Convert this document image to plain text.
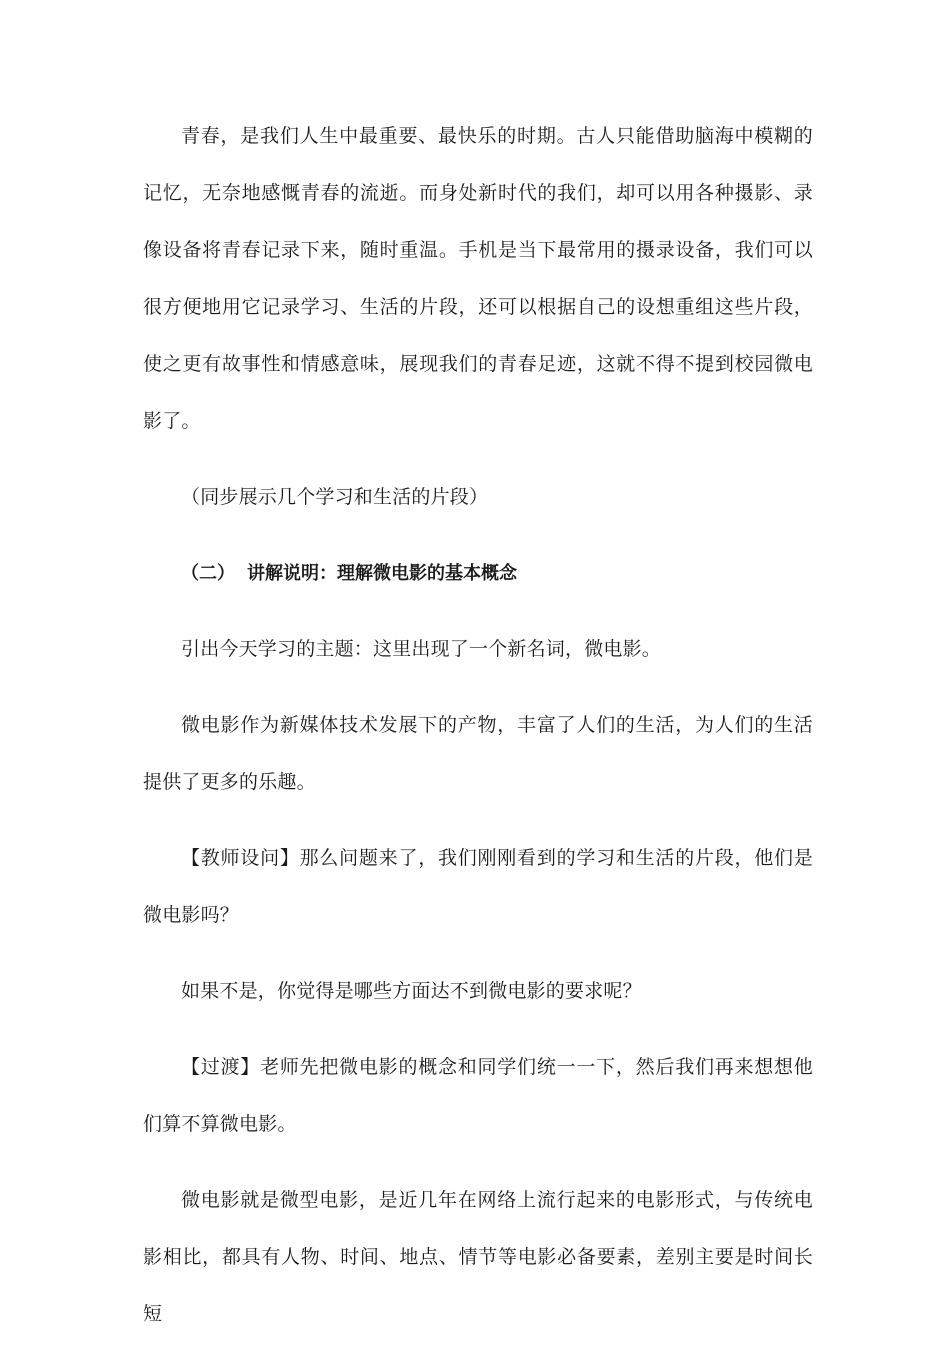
青春，是我们人生中最重要、最快乐的时期。古人只能借助脑海中模糊的记忆，无奈地感慨青春的流逝。而身处新时代的我们，却可以用各种摄影、录像设备将青春记录下来，随时重温。手机是当下最常用的摄录设备，我们可以很方便地用它记录学习、生活的片段，还可以根据自己的设想重组这些片段，使之更有故事性和情感意味，展现我们的青春足迹，这就不得不提到校园微电影了。

（同步展示几个学习和生活的片段）

（二） 讲解说明：理解微电影的基本概念

引出今天学习的主题：这里出现了一个新名词，微电影。

微电影作为新媒体技术发展下的产物，丰富了人们的生活，为人们的生活提供了更多的乐趣。

【教师设问】那么问题来了，我们刚刚看到的学习和生活的片段，他们是微电影吗？

如果不是，你觉得是哪些方面达不到微电影的要求呢？

【过渡】老师先把微电影的概念和同学们统一一下，然后我们再来想想他们算不算微电影。

微电影就是微型电影，是近几年在网络上流行起来的电影形式，与传统电影相比，都具有人物、时间、地点、情节等电影必备要素，差别主要是时间长短
